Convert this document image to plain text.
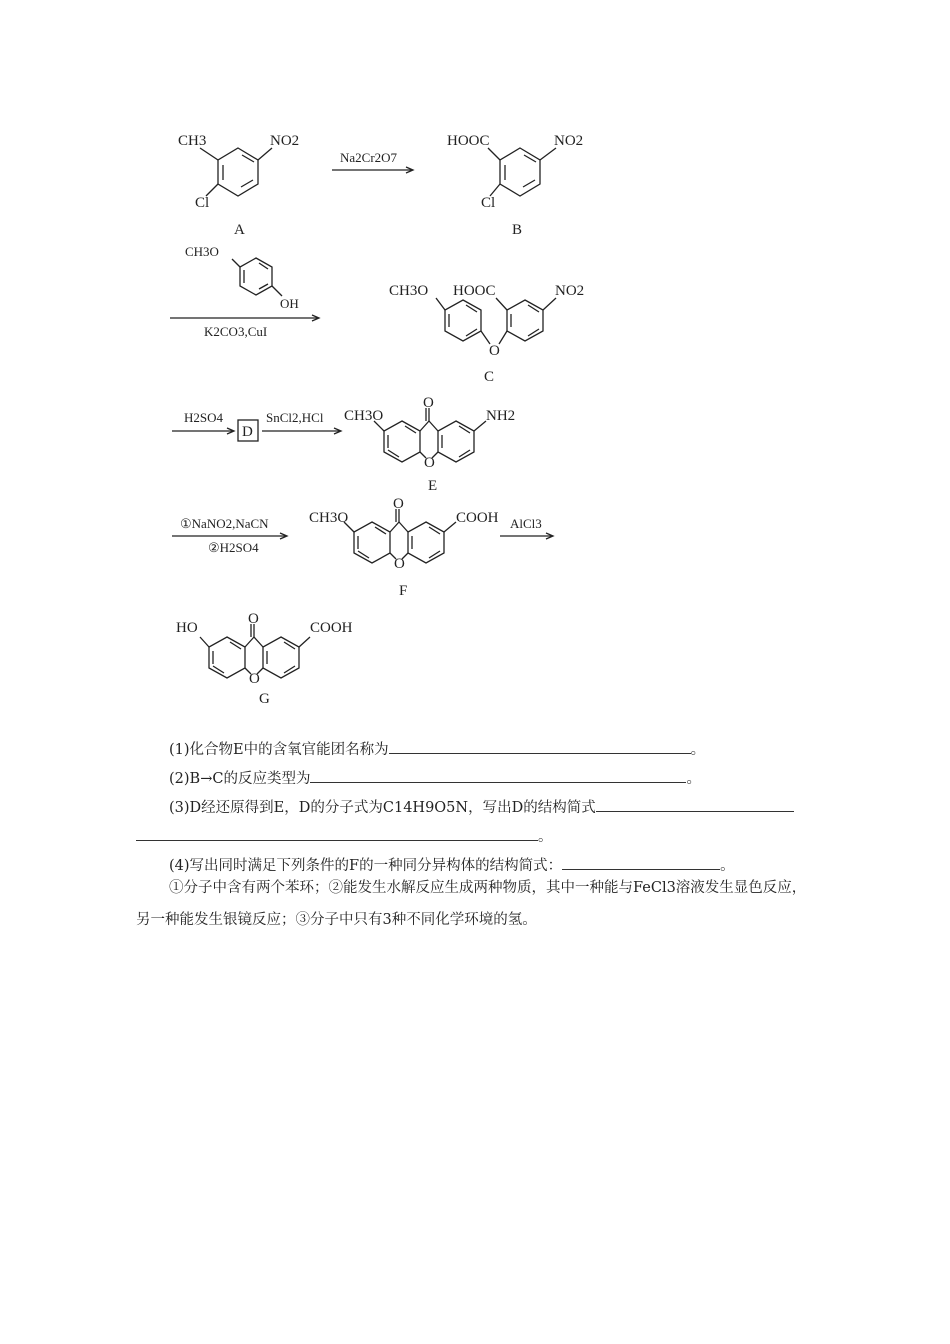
CH3	NO2
Cl
A
Na2Cr2O7
HOOC	NO2
Cl
B
CH3O
OH
K2CO3,CuI
CH3O HOOC	NO2
O
C
H2SO4
D
SnCl2,HCl CH3O
O
O
NH2
E
①NaNO2,NaCN
②H2SO4
CH3O
O
O
COOH
F
AlCl3
HO
O
O
COOH
G
(1)化合物E中的含氧官能团名称为	。
(2)B→C的反应类型为	。
(3)D经还原得到E，D的分子式为C14H9O5N，写出D的结构简式
。
(4)写出同时满足下列条件的F的一种同分异构体的结构简式：	。
①分子中含有两个苯环；②能发生水解反应生成两种物质，其中一种能与FeCl3溶液发生显色反应，另一种能发生银镜反应；③分子中只有3种不同化学环境的氢。
